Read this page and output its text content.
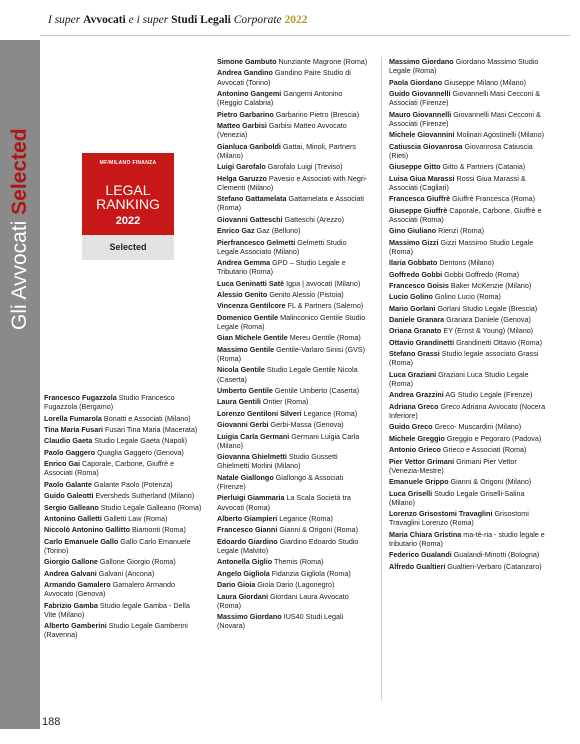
I super Avvocati e i super Studi Legali Corporate 2022
Gli Avvocati Selected	MF/MILANO FINANZA
LEGAL
RANKING
2022
Selected
Francesco Fugazzola Studio Francesco Fugazzola (Bergamo)
Lorella Fumarola Bonatti e Associati (Milano)
Tina Maria Fusari Fusari Tina Maria (Macerata)
Claudio Gaeta Studio Legale Gaeta (Napoli)
Paolo Gaggero Quaglia Gaggero (Genova)
Enrico Gai Caporale, Carbone, Giuffrè e Associati (Roma)
Paolo Galante Galante Paolo (Potenza)
Guido Galeotti Eversheds Sutherland (Milano)
Sergio Galleano Studio Legale Galleano (Roma)
Antonino Galletti Galletti Law (Roma)
Niccolò Antonino Gallitto Biamonti (Roma)
Carlo Emanuele Gallo Gallo Carlo Emanuele (Torino)
Giorgio Gallone Gallone Giorgio (Roma)
Andrea Galvani Galvani (Ancona)
Armando Gamalero Gamalero Armando Avvocato (Genova)
Fabrizio Gamba Studio legale Gamba - Della Vite (Milano)
Alberto Gamberini Studio Legale Gamberini (Ravenna)
Simone Gambuto Nunziante Magrone (Roma)
Andrea Gandino Gandino Paire Studio di Avvocati (Torino)
Antonino Gangemi Gangemi Antonino (Reggio Calabria)
Pietro Garbarino Garbarino Pietro (Brescia)
Matteo Garbisi Garbisi Matteo Avvocato (Venezia)
Gianluca Gariboldi Gattai, Minoli, Partners (Milano)
Luigi Garofalo Garofalo Luigi (Treviso)
Helga Garuzzo Pavesio e Associati with Negri-Clementi (Milano)
Stefano Gattamelata Gattamelata e Associati (Roma)
Giovanni Gatteschi Gatteschi (Arezzo)
Enrico Gaz Gaz (Belluno)
Pierfrancesco Gelmetti Gelmetti Studio Legale Associato (Milano)
Andrea Gemma GPD – Studio Legale e Tributario (Roma)
Luca Geninatti Satè Igpa | avvocati (Milano)
Alessio Genito Genito Alessio (Pistoia)
Vincenza Gentilcore FL & Partners (Salerno)
Domenico Gentile Malinconico Gentile Studio Legale (Roma)
Gian Michele Gentile Mereu Gentile (Roma)
Massimo Gentile Gentile-Varlaro Sinisi (GVS) (Roma)
Nicola Gentile Studio Legale Gentile Nicola (Caserta)
Umberto Gentile Gentile Umberto (Caserta)
Laura Gentili Ontier (Roma)
Lorenzo Gentiloni Silveri Legance (Roma)
Giovanni Gerbi Gerbi-Massa (Genova)
Luigia Carla Germani Germani Luigia Carla (Milano)
Giovanna Ghielmetti Studio Gussetti Ghielmetti Morlini (Milano)
Natale Giallongo Giallongo & Associati (Firenze)
Pierluigi Giammaria La Scala Società tra Avvocati (Roma)
Alberto Giampieri Legance (Roma)
Francesco Gianni Gianni & Origoni (Roma)
Edoardo Giardino Giardino Edoardo Studio Legale (Malvito)
Antonella Giglio Themis (Roma)
Angelo Gigliola Fidanzia Gigliola (Roma)
Dario Gioia Gioia Dario (Lagonegro)
Laura Giordani Giordani Laura Avvocato (Roma)
Massimo Giordano IUS40 Studi Legali (Novara)
Massimo Giordano Giordano Massimo Studio Legale (Roma)
Paola Giordano Giuseppe Milano (Milano)
Guido Giovannelli Giovannelli Masi Cecconi & Associati (Firenze)
Mauro Giovannelli Giovannelli Masi Cecconi & Associati (Firenze)
Michele Giovannini Molinari Agostinelli (Milano)
Catiuscia Giovanrosa Giovanrosa Catiuscia (Rieti)
Giuseppe Gitto Gitto & Partners (Catania)
Luisa Giua Marassi Rossi Giua Marassi & Associati (Cagliari)
Francesca Giuffrè Giuffrè Francesca (Roma)
Giuseppe Giuffrè Caporale, Carbone, Giuffrè e Associati (Roma)
Gino Giuliano Rienzi (Roma)
Massimo Gizzi Gizzi Massimo Studio Legale (Roma)
Ilaria Gobbato Dentons (Milano)
Goffredo Gobbi Gobbi Goffredo (Roma)
Francesco Goisis Baker McKenzie (Milano)
Lucio Golino Golino Lucio (Roma)
Mario Gorlani Gorlani Studio Legale (Brescia)
Daniele Granara Granara Daniele (Genova)
Oriana Granato EY (Ernst & Young) (Milano)
Ottavio Grandinetti Grandinetti Ottavio (Roma)
Stefano Grassi Studio legale associato Grassi (Roma)
Luca Graziani Graziani Luca Studio Legale (Roma)
Andrea Grazzini AG Studio Legale (Firenze)
Adriana Greco Greco Adriana Avvocato (Nocera Inferiore)
Guido Greco Greco- Muscardini (Milano)
Michele Greggio Greggio e Pegoraro (Padova)
Antonio Grieco Grieco e Associati (Roma)
Pier Vettor Grimani Grimani Pier Vettor (Venezia-Mestre)
Emanuele Grippo Gianni & Origoni (Milano)
Luca Griselli Studio Legale Griselli-Salina (Milano)
Lorenzo Grisostomi Travaglini Grisostomi Travaglini Lorenzo (Roma)
Maria Chiara Gristina ma-tè-ria - studio legale e tributario (Roma)
Federico Gualandi Gualandi-Minotti (Bologna)
Alfredo Gualtieri Gualtieri-Verbaro (Catanzaro)
188
